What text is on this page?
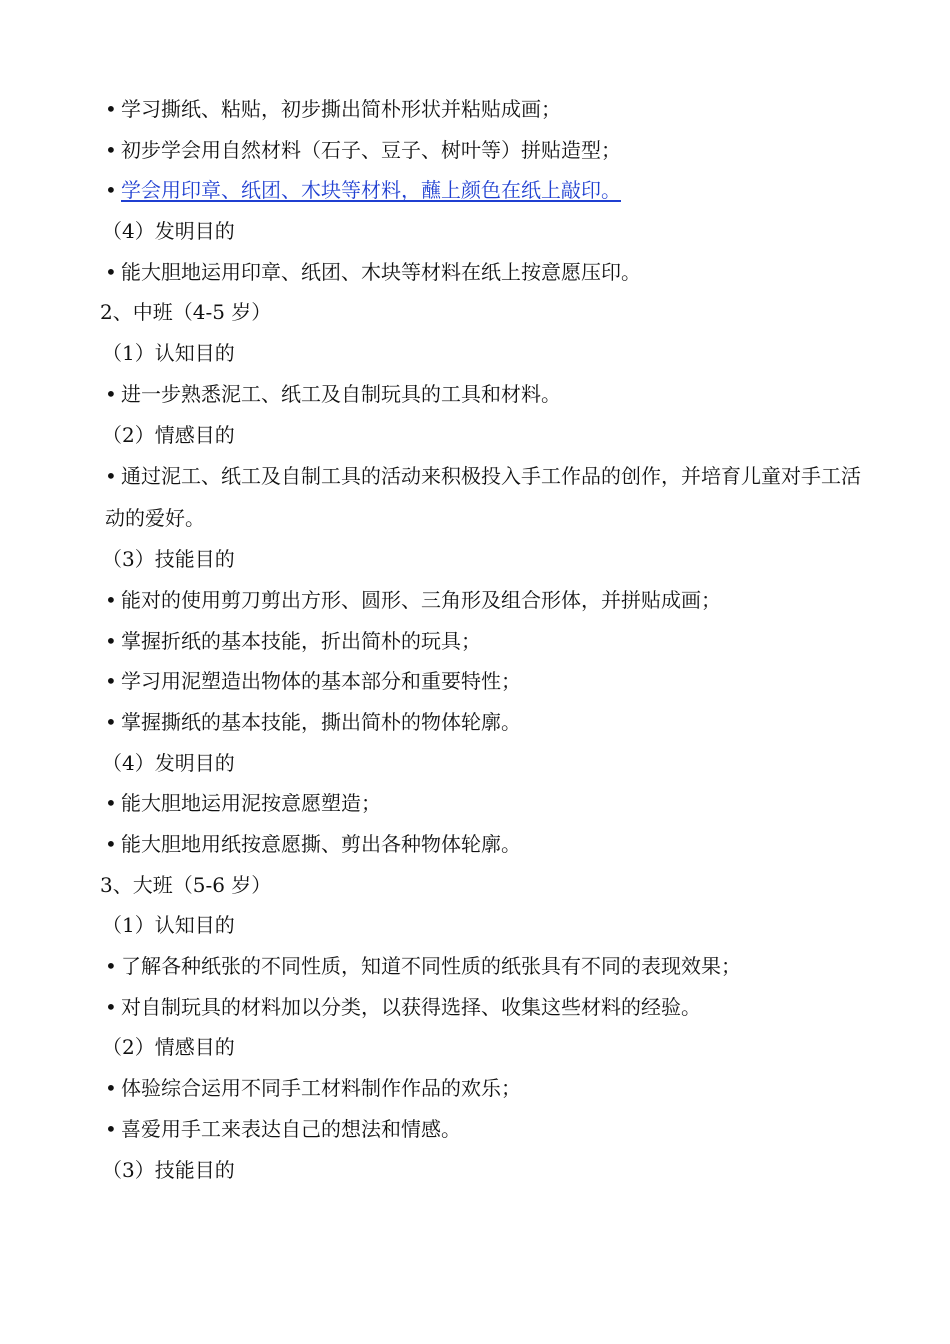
• 学习撕纸、粘贴，初步撕出简朴形状并粘贴成画；
• 初步学会用自然材料（石子、豆子、树叶等）拼贴造型；
• 学会用印章、纸团、木块等材料，蘸上颜色在纸上敲印。
（4）发明目的
• 能大胆地运用印章、纸团、木块等材料在纸上按意愿压印。
2、中班（4-5 岁）
（1）认知目的
• 进一步熟悉泥工、纸工及自制玩具的工具和材料。
（2）情感目的
• 通过泥工、纸工及自制工具的活动来积极投入手工作品的创作，并培育儿童对手工活动的爱好。
（3）技能目的
• 能对的使用剪刀剪出方形、圆形、三角形及组合形体，并拼贴成画；
• 掌握折纸的基本技能，折出简朴的玩具；
• 学习用泥塑造出物体的基本部分和重要特性；
• 掌握撕纸的基本技能，撕出简朴的物体轮廓。
（4）发明目的
• 能大胆地运用泥按意愿塑造；
• 能大胆地用纸按意愿撕、剪出各种物体轮廓。
3、大班（5-6 岁）
（1）认知目的
• 了解各种纸张的不同性质，知道不同性质的纸张具有不同的表现效果；
• 对自制玩具的材料加以分类，以获得选择、收集这些材料的经验。
（2）情感目的
• 体验综合运用不同手工材料制作作品的欢乐；
• 喜爱用手工来表达自己的想法和情感。
（3）技能目的
